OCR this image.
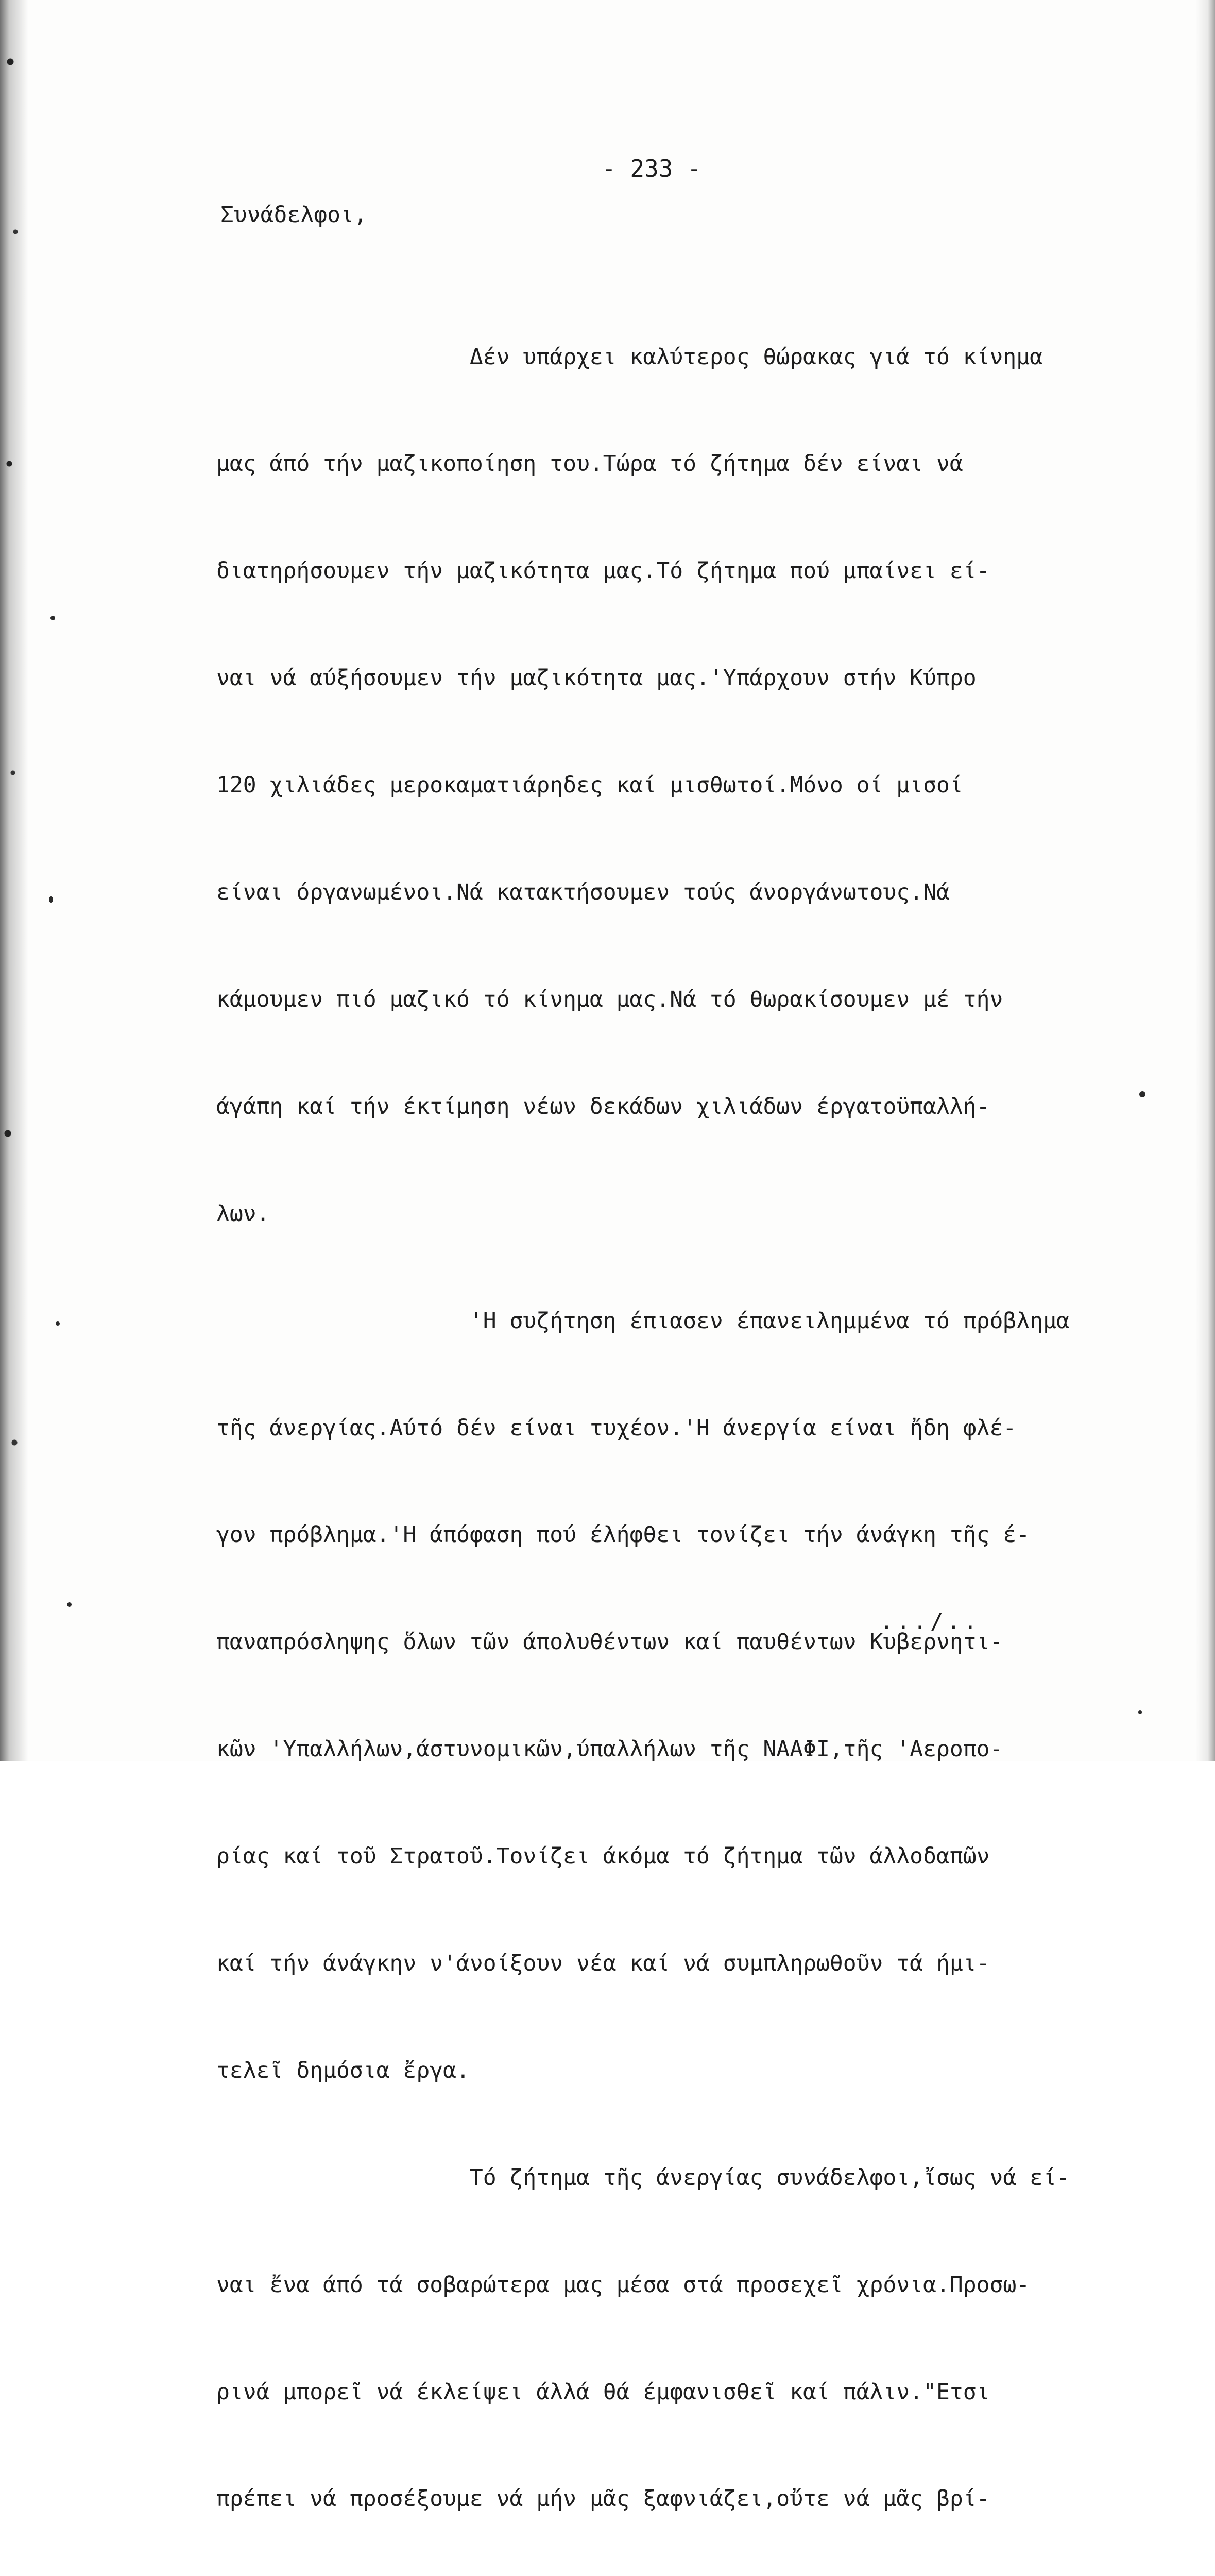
- 233 -
Συνάδελφοι,

Δέν υπάρχει καλύτερος θώρακας γιά τό κίνημα

μας άπό τήν μαζικοποίηση του.Τώρα τό ζήτημα δέν είναι νά

διατηρήσουμεν τήν μαζικότητα μας.Τό ζήτημα πού μπαίνει εί-

ναι νά αύξήσουμεν τήν μαζικότητα μας.'Υπάρχουν στήν Κύπρο

120 χιλιάδες μεροκαματιάρηδες καί μισθωτοί.Μόνο οί μισοί

είναι όργανωμένοι.Νά κατακτήσουμεν τούς άνοργάνωτους.Νά

κάμουμεν πιό μαζικό τό κίνημα μας.Νά τό θωρακίσουμεν μέ τήν

άγάπη καί τήν έκτίμηση νέων δεκάδων χιλιάδων έργατοϋπαλλή-

λων.

'Η συζήτηση έπιασεν έπανειλημμένα τό πρόβλημα

τῆς άνεργίας.Αύτό δέν είναι τυχέον.'Η άνεργία είναι ἤδη φλέ-

γον πρόβλημα.'Η άπόφαση πού έλήφθει τονίζει τήν άνάγκη τῆς έ-

παναπρόσληψης ὅλων τῶν άπολυθέντων καί παυθέντων Κυβερνητι-

κῶν 'Υπαλλήλων,άστυνομικῶν,ύπαλλήλων τῆς ΝΑΑΦΙ,τῆς 'Αεροπο-

ρίας καί τοῦ Στρατοῦ.Τονίζει άκόμα τό ζήτημα τῶν άλλοδαπῶν

καί τήν άνάγκην ν'άνοίξουν νέα καί νά συμπληρωθοῦν τά ήμι-

τελεῖ δημόσια ἔργα.

Τό ζήτημα τῆς άνεργίας συνάδελφοι,ἴσως νά εί-

ναι ἔνα άπό τά σοβαρώτερα μας μέσα στά προσεχεῖ χρόνια.Προσω-

ρινά μπορεῖ νά έκλείψει άλλά θά έμφανισθεῖ καί πάλιν."Ετσι

πρέπει νά προσέξουμε νά μήν μᾶς ξαφνιάζει,οὔτε νά μᾶς βρί-

.../..
